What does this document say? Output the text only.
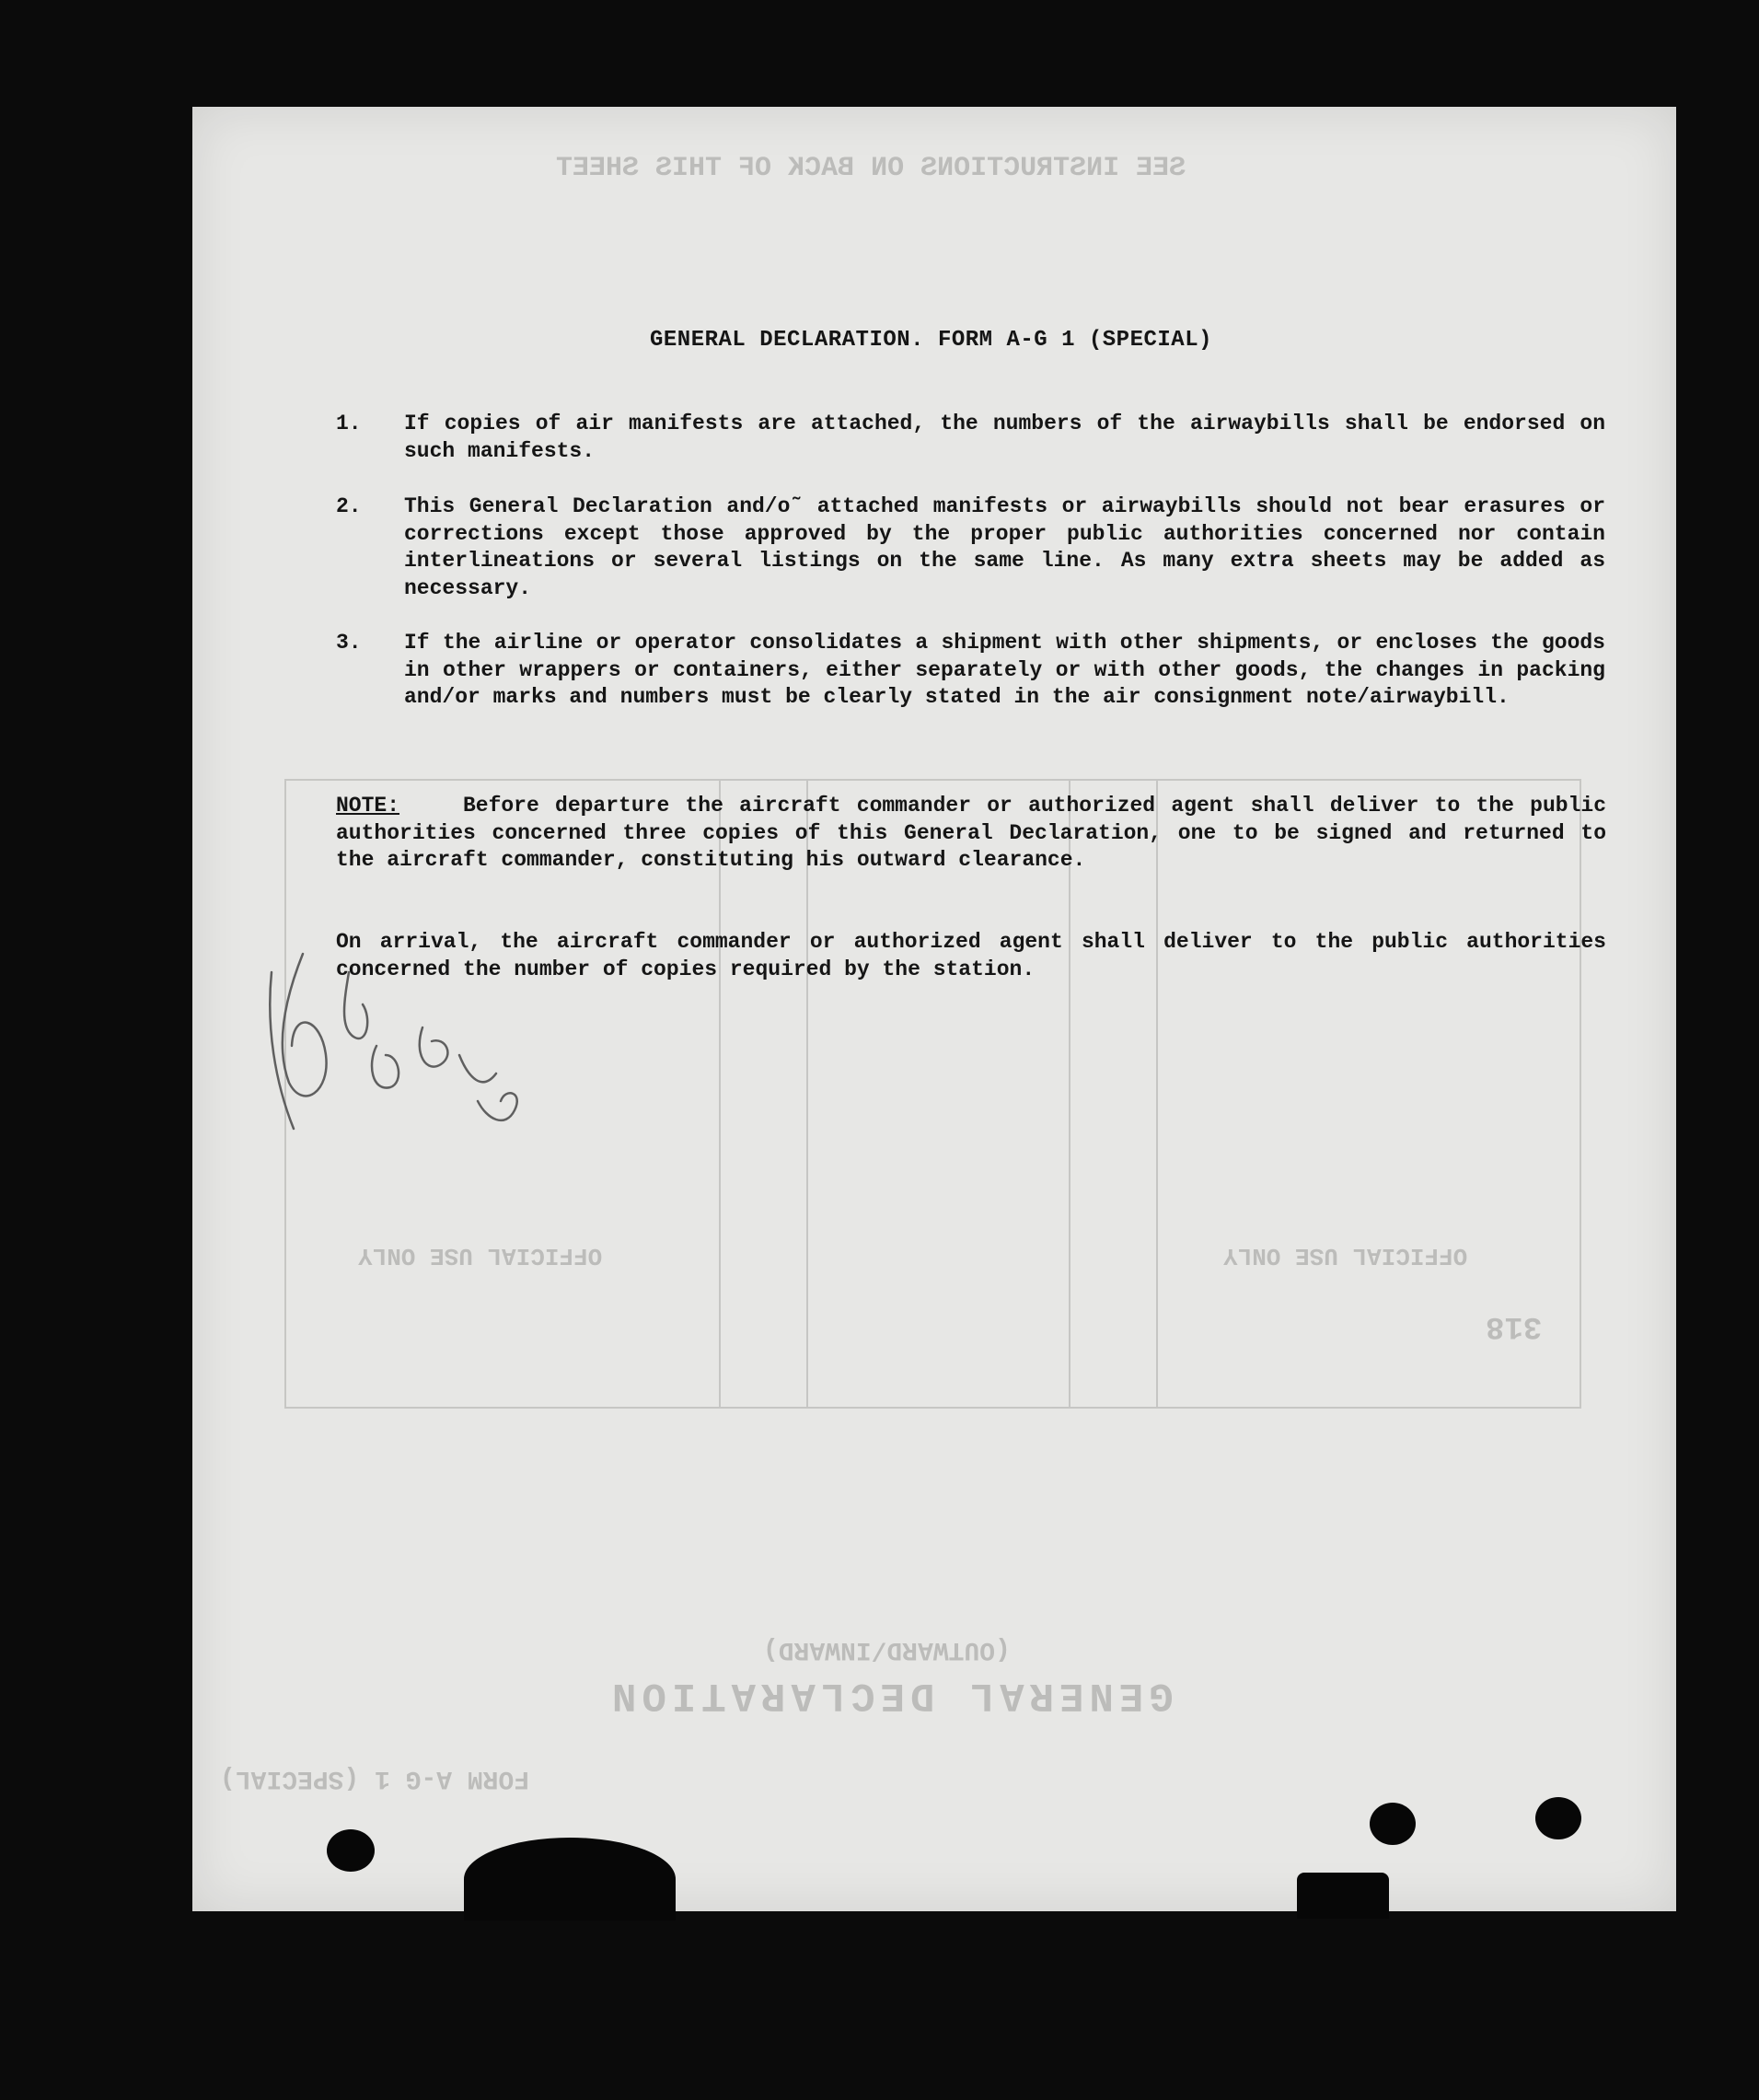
SEE INSTRUCTIONS ON BACK OF THIS SHEET
GENERAL DECLARATION
(OUTWARD/INWARD)
FORM A-G 1 (SPECIAL)
OFFICIAL USE ONLY	OFFICIAL USE ONLY
318
GENERAL DECLARATION. FORM A-G 1 (SPECIAL)
1. If copies of air manifests are attached, the numbers of the airwaybills shall be endorsed on such manifests.
2. This General Declaration and/o˜ attached manifests or airwaybills should not bear erasures or corrections except those approved by the proper public authorities concerned nor contain interlineations or several listings on the same line. As many extra sheets may be added as necessary.
3. If the airline or operator consolidates a shipment with other shipments, or encloses the goods in other wrappers or containers, either separately or with other goods, the changes in packing and/or marks and numbers must be clearly stated in the air consignment note/airwaybill.
NOTE:	Before departure the aircraft commander or authorized agent shall deliver to the public authorities concerned three copies of this General Declaration, one to be signed and returned to the aircraft commander, constituting his outward clearance.
On arrival, the aircraft commander or authorized agent shall deliver to the public authorities concerned the number of copies required by the station.
